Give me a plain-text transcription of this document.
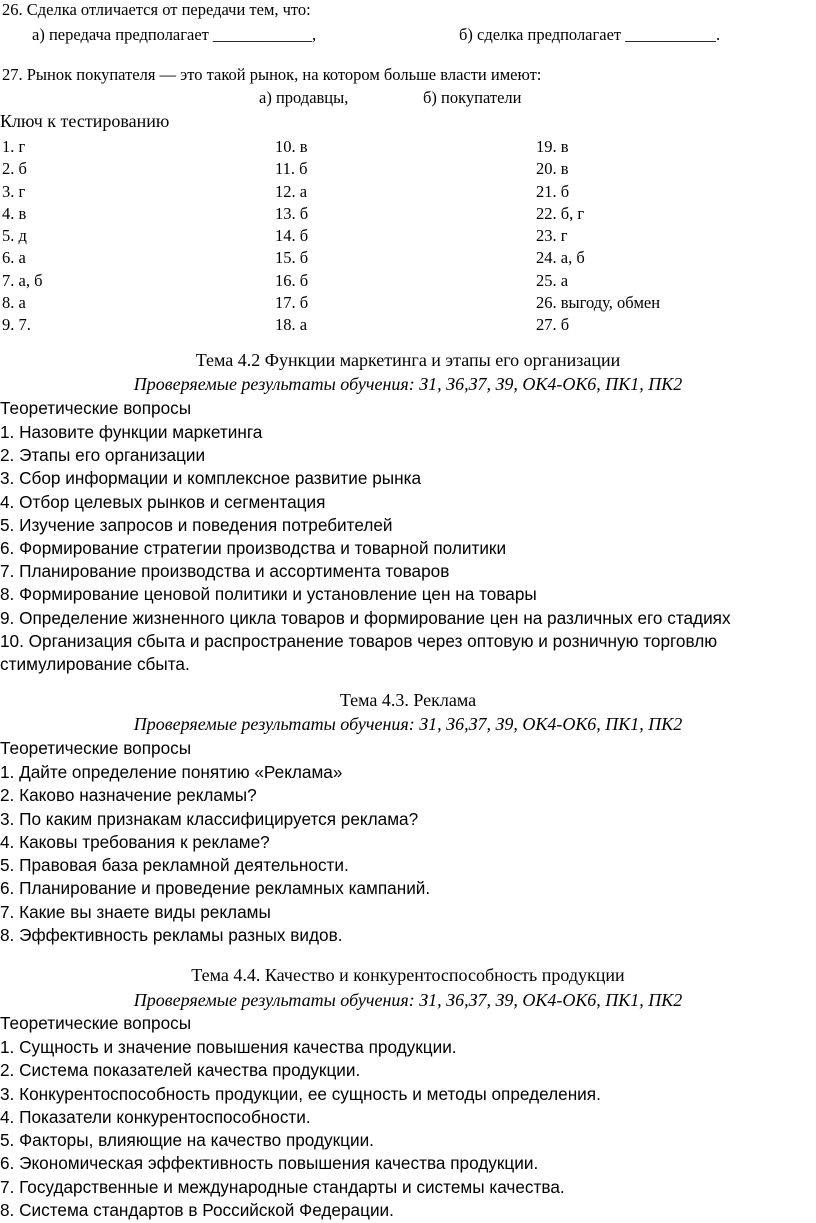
26. Сделка отличается от передачи тем, что:
а) передача предполагает ____________,	б) сделка предполагает ___________.
27. Рынок покупателя — это такой рынок, на котором больше власти имеют:
а) продавцы,	б) покупатели
Ключ к тестированию
1. г
2. б
3. г
4. в
5. д
6. а
7. а, б
8. а
9. 7.
10. в
11. б
12. а
13. б
14. б
15. б
16. б
17. б
18. а
19. в
20. в
21. б
22. б, г
23. г
24. а, б
25. а
26. выгоду, обмен
27. б
Тема 4.2 Функции маркетинга и этапы его организации
Проверяемые результаты обучения: З1, З6,З7, З9, ОК4-ОК6, ПК1, ПК2
Теоретические вопросы
1. Назовите функции маркетинга
2. Этапы его организации
3. Сбор информации и комплексное развитие рынка
4. Отбор целевых рынков и сегментация
5. Изучение запросов и поведения потребителей
6. Формирование стратегии производства и товарной политики
7. Планирование производства и ассортимента товаров
8. Формирование ценовой политики и установление цен на товары
9. Определение жизненного цикла товаров и формирование цен на различных его стадиях
10. Организация сбыта и распространение товаров через оптовую и розничную торговлю
стимулирование сбыта.
Тема 4.3. Реклама
Проверяемые результаты обучения: З1, З6,З7, З9, ОК4-ОК6, ПК1, ПК2
Теоретические вопросы
1. Дайте определение понятию «Реклама»
2. Каково назначение рекламы?
3. По каким признакам классифицируется реклама?
4. Каковы требования к рекламе?
5. Правовая база рекламной деятельности.
6. Планирование и проведение рекламных кампаний.
7. Какие вы знаете виды рекламы
8. Эффективность рекламы разных видов.
Тема 4.4. Качество и конкурентоспособность продукции
Проверяемые результаты обучения: З1, З6,З7, З9, ОК4-ОК6, ПК1, ПК2
Теоретические вопросы
1. Сущность и значение повышения качества продукции.
2. Система показателей качества продукции.
3. Конкурентоспособность продукции, ее сущность и методы определения.
4. Показатели конкурентоспособности.
5. Факторы, влияющие на качество продукции.
6. Экономическая эффективность повышения качества продукции.
7. Государственные и международные стандарты и системы качества.
8. Система стандартов в Российской Федерации.
